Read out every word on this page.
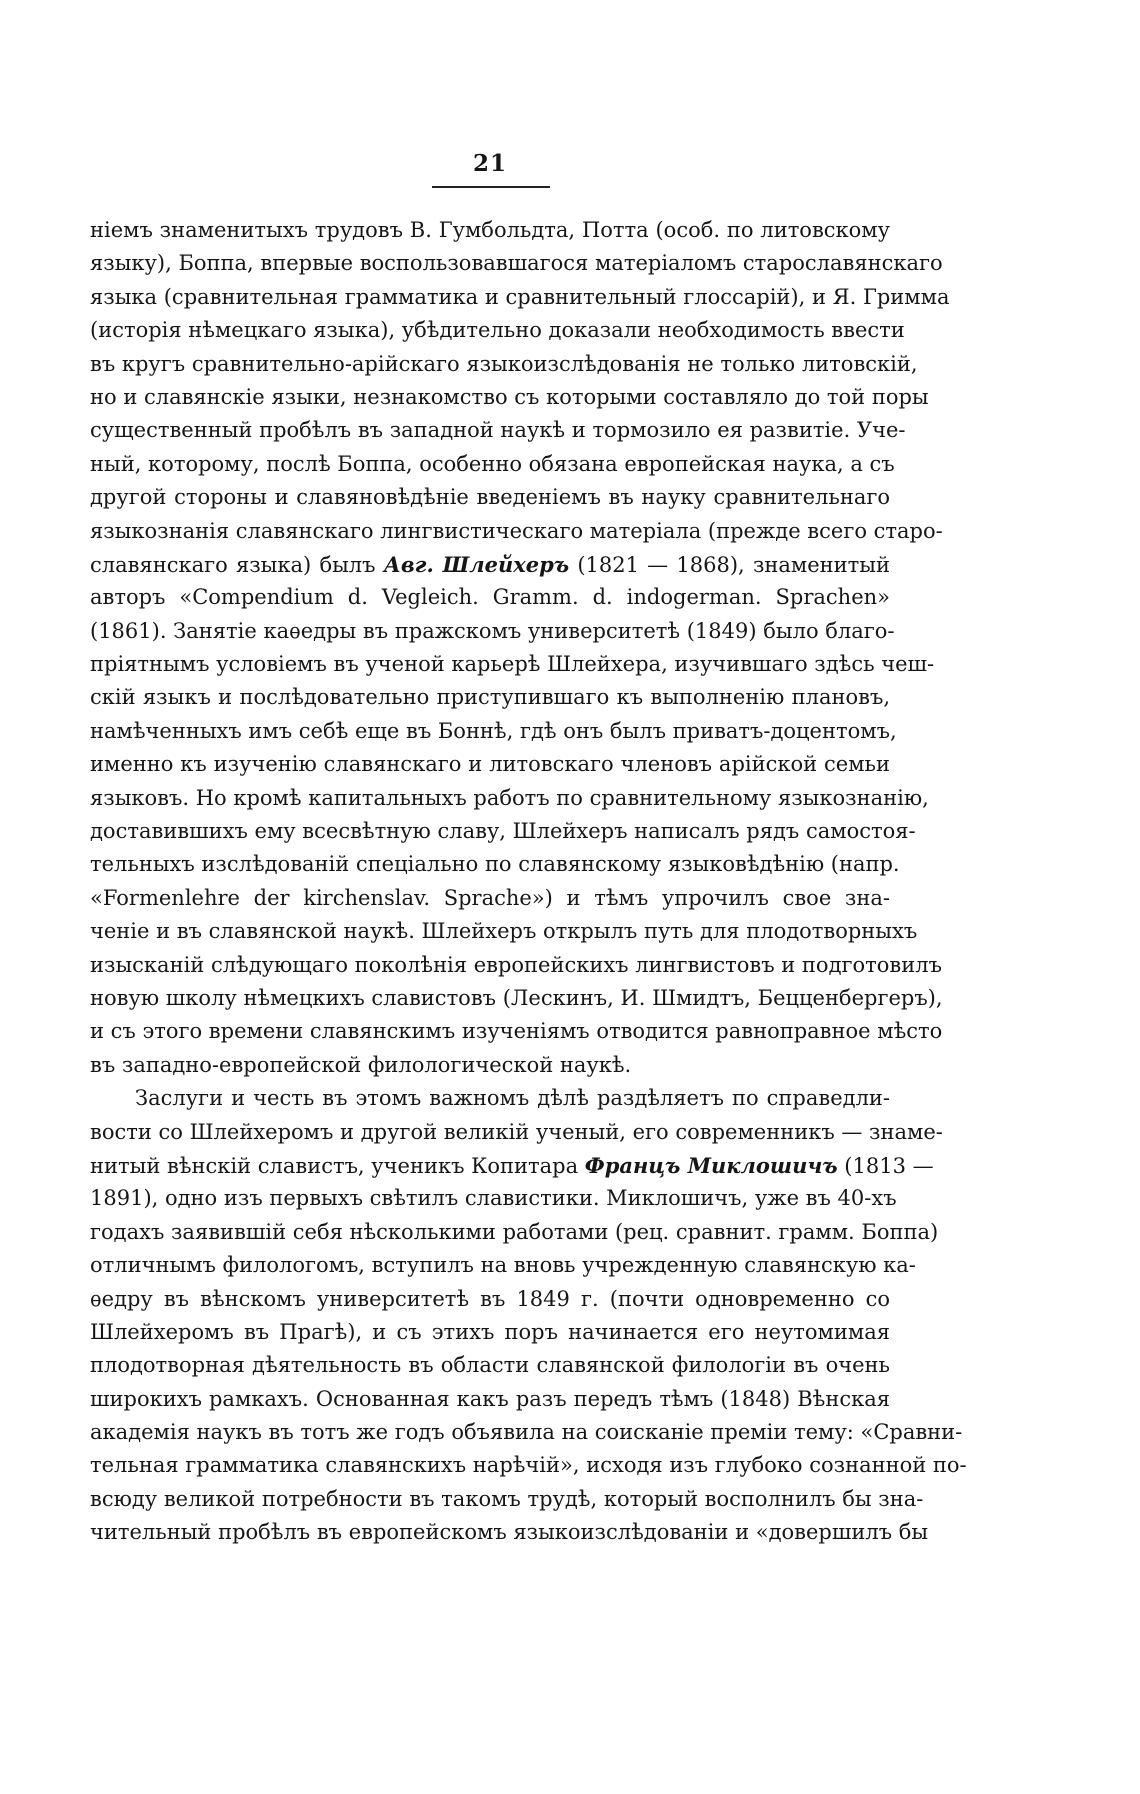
21
ніемъ знаменитыхъ трудовъ В. Гумбольдта, Потта (особ. по литовскому
языку), Боппа, впервые воспользовавшагося матеріаломъ старославянскаго
языка (сравнительная грамматика и сравнительный глоссарій), и Я. Гримма
(исторія нѣмецкаго языка), убѣдительно доказали необходимость ввести
въ кругъ сравнительно-арійскаго языкоизслѣдованія не только литовскій,
но и славянскіе языки, незнакомство съ которыми составляло до той поры
существенный пробѣлъ въ западной наукѣ и тормозило ея развитіе. Уче-
ный, которому, послѣ Боппа, особенно обязана европейская наука, а съ
другой стороны и славяновѣдѣніе введеніемъ въ науку сравнительнаго
языкознанія славянскаго лингвистическаго матеріала (прежде всего старо-
славянскаго языка) былъ Авг. Шлейхеръ (1821 — 1868), знаменитый
авторъ «Compendium d. Vegleich. Gramm. d. indogerman. Sprachen»
(1861). Занятіе каѳедры въ пражскомъ университетѣ (1849) было благо-
пріятнымъ условіемъ въ ученой карьерѣ Шлейхера, изучившаго здѣсь чеш-
скій языкъ и послѣдовательно приступившаго къ выполненію плановъ,
намѣченныхъ имъ себѣ еще въ Боннѣ, гдѣ онъ былъ приватъ-доцентомъ,
именно къ изученію славянскаго и литовскаго членовъ арійской семьи
языковъ. Но кромѣ капитальныхъ работъ по сравнительному языкознанію,
доставившихъ ему всесвѣтную славу, Шлейхеръ написалъ рядъ самостоя-
тельныхъ изслѣдованій спеціально по славянскому языковѣдѣнію (напр.
«Formenlehre der kirchenslav. Sprache») и тѣмъ упрочилъ свое зна-
ченіе и въ славянской наукѣ. Шлейхеръ открылъ путь для плодотворныхъ
изысканій слѣдующаго поколѣнія европейскихъ лингвистовъ и подготовилъ
новую школу нѣмецкихъ славистовъ (Лескинъ, И. Шмидтъ, Бецценбергеръ),
и съ этого времени славянскимъ изученіямъ отводится равноправное мѣсто
въ западно-европейской филологической наукѣ.
Заслуги и честь въ этомъ важномъ дѣлѣ раздѣляетъ по справедли-
вости со Шлейхеромъ и другой великій ученый, его современникъ — знаме-
нитый вѣнскій славистъ, ученикъ Копитара Францъ Миклошичъ (1813 —
1891), одно изъ первыхъ свѣтилъ славистики. Миклошичъ, уже въ 40-хъ
годахъ заявившій себя нѣсколькими работами (рец. сравнит. грамм. Боппа)
отличнымъ филологомъ, вступилъ на вновь учрежденную славянскую ка-
ѳедру въ вѣнскомъ университетѣ въ 1849 г. (почти одновременно со
Шлейхеромъ въ Прагѣ), и съ этихъ поръ начинается его неутомимая
плодотворная дѣятельность въ области славянской филологіи въ очень
широкихъ рамкахъ. Основанная какъ разъ передъ тѣмъ (1848) Вѣнская
академія наукъ въ тотъ же годъ объявила на соисканіе преміи тему: «Сравни-
тельная грамматика славянскихъ нарѣчій», исходя изъ глубоко сознанной по-
всюду великой потребности въ такомъ трудѣ, который восполнилъ бы зна-
чительный пробѣлъ въ европейскомъ языкоизслѣдованіи и «довершилъ бы
